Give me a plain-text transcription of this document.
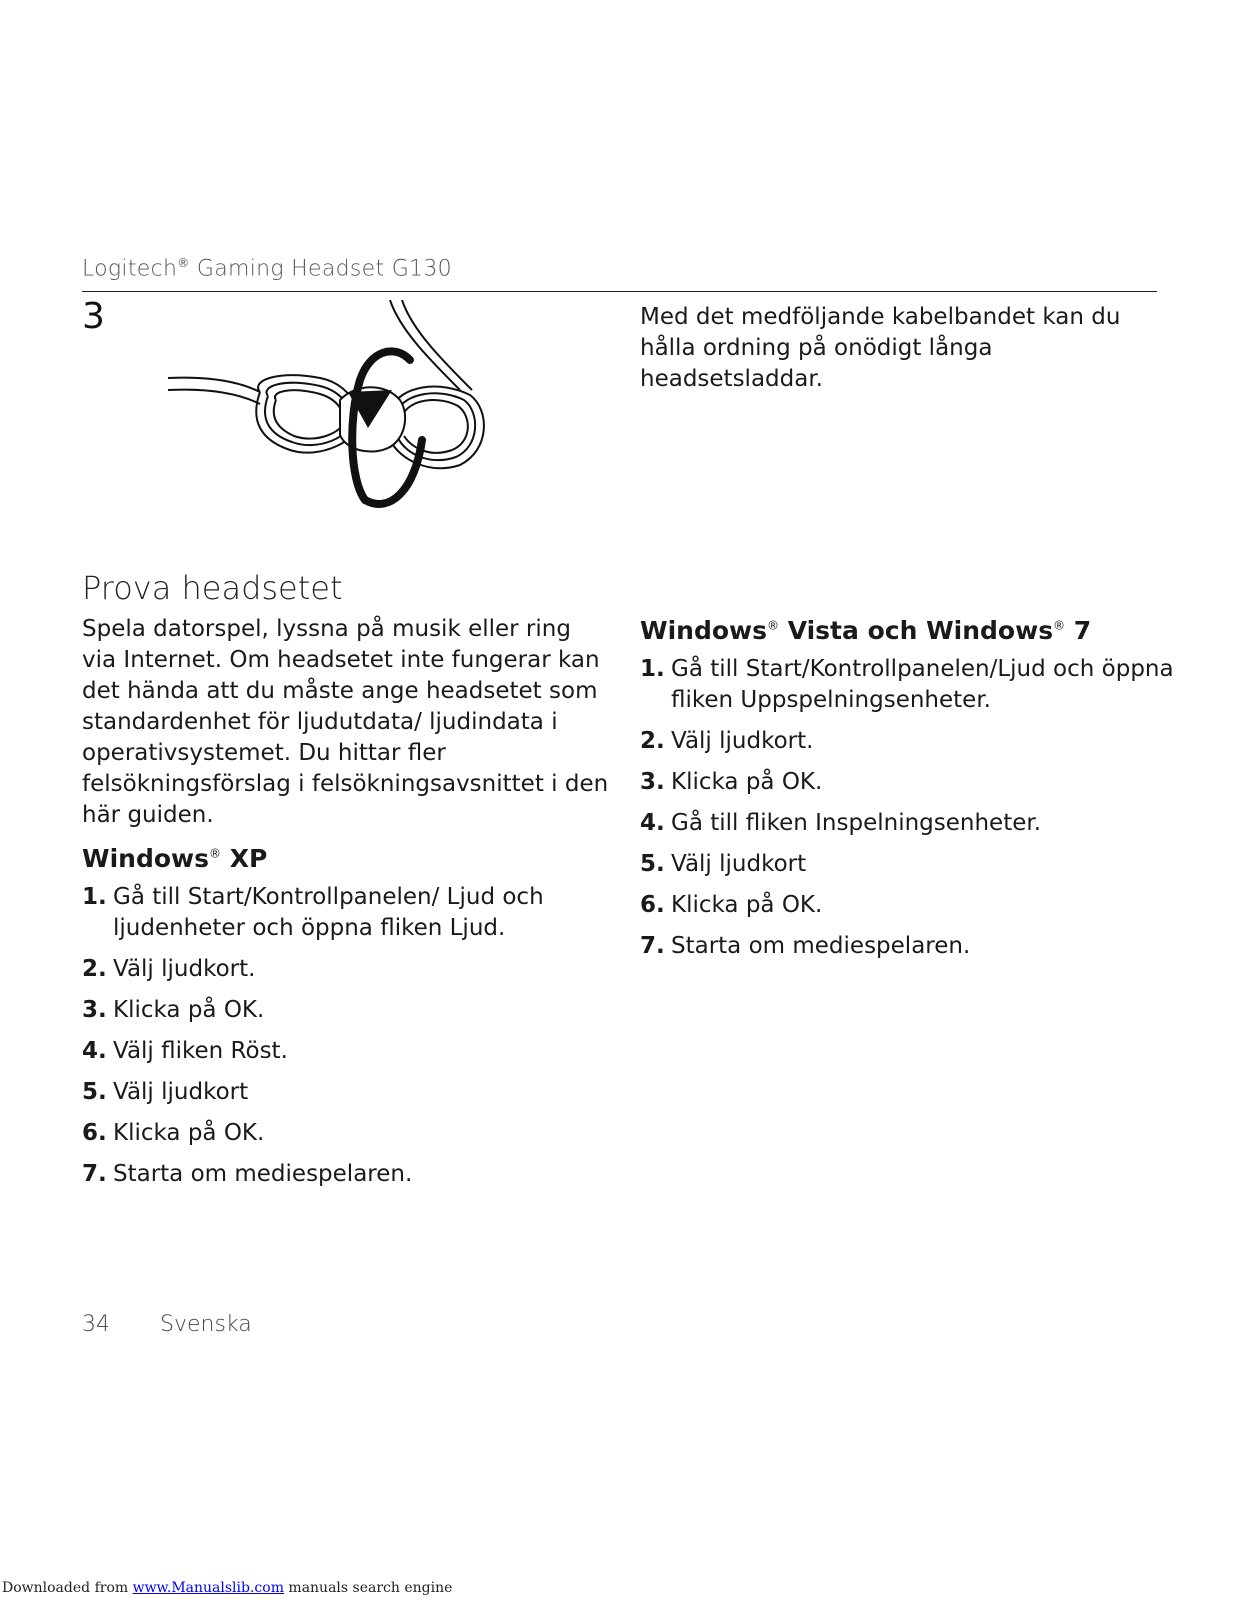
Logitech® Gaming Headset G130
3	Med det medföljande kabelbandet kan du hålla ordning på onödigt långa headsetsladdar.

Prova headsetet

Spela datorspel, lyssna på musik eller ring via Internet. Om headsetet inte fungerar kan det hända att du måste ange headsetet som standardenhet för ljudutdata/ ljudindata i operativsystemet. Du hittar fler felsökningsförslag i felsökningsavsnittet i den här guiden.

Windows® XP
1. Gå till Start/Kontrollpanelen/ Ljud och ljudenheter och öppna fliken Ljud.
2. Välj ljudkort.
3. Klicka på OK.
4. Välj fliken Röst.
5. Välj ljudkort
6. Klicka på OK.
7. Starta om mediespelaren.
Windows® Vista och Windows® 7
1. Gå till Start/Kontrollpanelen/Ljud och öppna fliken Uppspelningsenheter.
2. Välj ljudkort.
3. Klicka på OK.
4. Gå till fliken Inspelningsenheter.
5. Välj ljudkort
6. Klicka på OK.
7. Starta om mediespelaren.
34 Svenska
Downloaded from www.Manualslib.com manuals search engine
